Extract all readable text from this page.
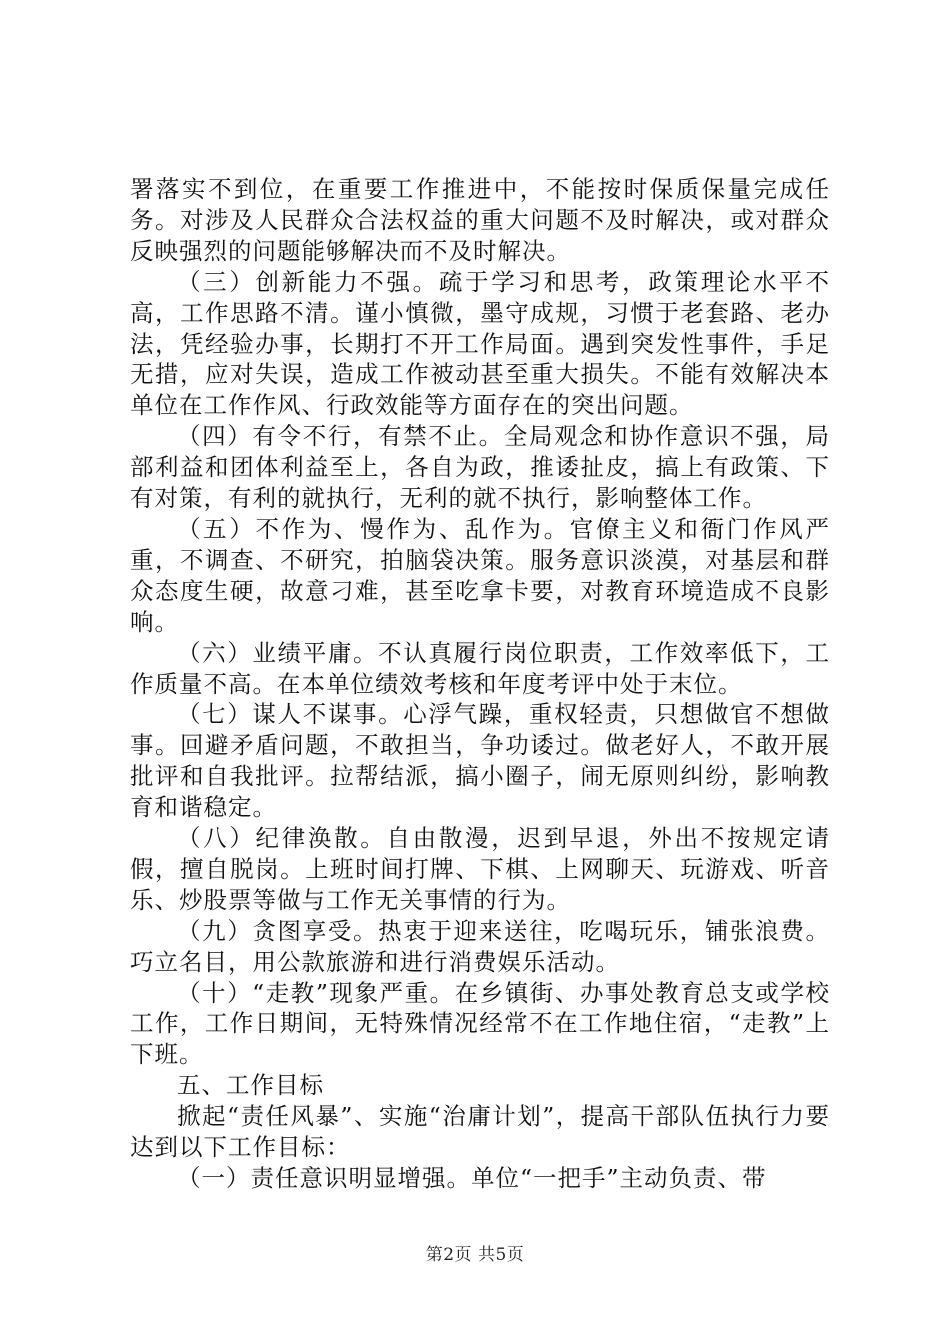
署落实不到位，在重要工作推进中，不能按时保质保量完成任务。对涉及人民群众合法权益的重大问题不及时解决，或对群众反映强烈的问题能够解决而不及时解决。

（三）创新能力不强。疏于学习和思考，政策理论水平不高，工作思路不清。谨小慎微，墨守成规，习惯于老套路、老办法，凭经验办事，长期打不开工作局面。遇到突发性事件，手足无措，应对失误，造成工作被动甚至重大损失。不能有效解决本单位在工作作风、行政效能等方面存在的突出问题。

（四）有令不行，有禁不止。全局观念和协作意识不强，局部利益和团体利益至上，各自为政，推诿扯皮，搞上有政策、下有对策，有利的就执行，无利的就不执行，影响整体工作。

（五）不作为、慢作为、乱作为。官僚主义和衙门作风严重，不调查、不研究，拍脑袋决策。服务意识淡漠，对基层和群众态度生硬，故意刁难，甚至吃拿卡要，对教育环境造成不良影响。

（六）业绩平庸。不认真履行岗位职责，工作效率低下，工作质量不高。在本单位绩效考核和年度考评中处于末位。

（七）谋人不谋事。心浮气躁，重权轻责，只想做官不想做事。回避矛盾问题，不敢担当，争功诿过。做老好人，不敢开展批评和自我批评。拉帮结派，搞小圈子，闹无原则纠纷，影响教育和谐稳定。

（八）纪律涣散。自由散漫，迟到早退，外出不按规定请假，擅自脱岗。上班时间打牌、下棋、上网聊天、玩游戏、听音乐、炒股票等做与工作无关事情的行为。

（九）贪图享受。热衷于迎来送往，吃喝玩乐，铺张浪费。巧立名目，用公款旅游和进行消费娱乐活动。

（十）“走教”现象严重。在乡镇街、办事处教育总支或学校工作，工作日期间，无特殊情况经常不在工作地住宿，“走教”上下班。

五、工作目标

掀起“责任风暴”、实施“治庸计划”，提高干部队伍执行力要达到以下工作目标：

（一）责任意识明显增强。单位“一把手”主动负责、带

第2页 共5页
